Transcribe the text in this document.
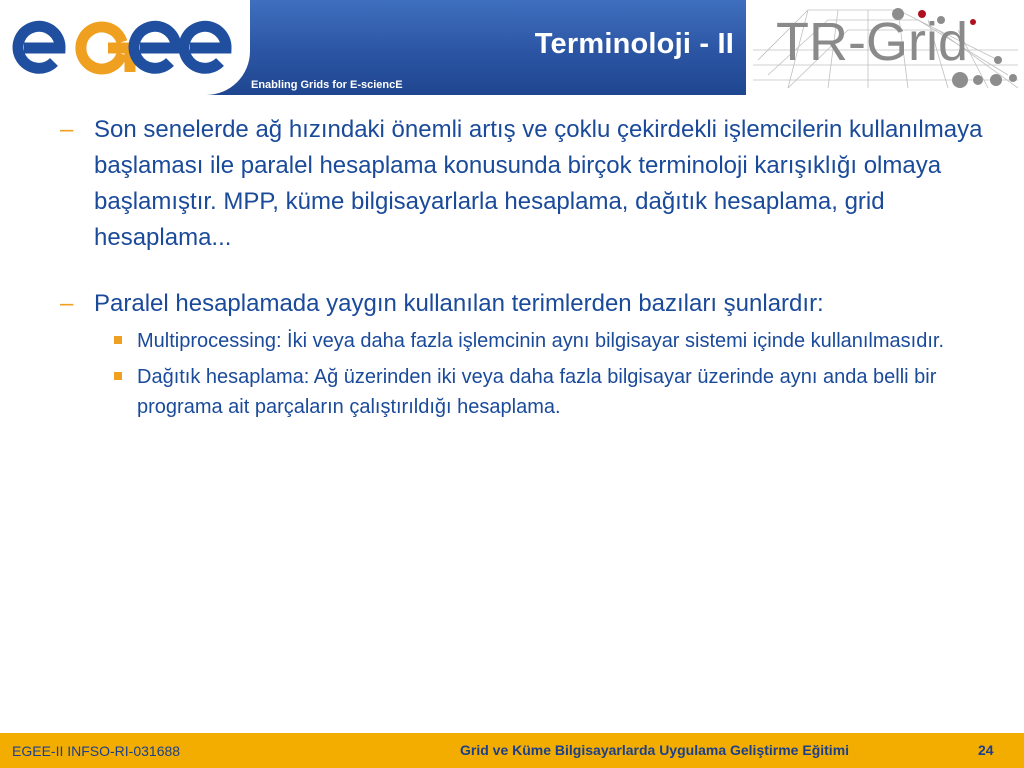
Terminoloji - II
Enabling Grids for E-sciencE
TR-Grid
– Son senelerde ağ hızındaki önemli artış ve çoklu çekirdekli işlemcilerin kullanılmaya başlaması ile paralel hesaplama konusunda birçok terminoloji karışıklığı olmaya başlamıştır. MPP, küme bilgisayarlarla hesaplama, dağıtık hesaplama, grid hesaplama...

– Paralel hesaplamada yaygın kullanılan terimlerden bazıları şunlardır:

Multiprocessing: İki veya daha fazla işlemcinin aynı bilgisayar sistemi içinde kullanılmasıdır.

Dağıtık hesaplama: Ağ üzerinden iki veya daha fazla bilgisayar üzerinde aynı anda belli bir programa ait parçaların çalıştırıldığı hesaplama.

EGEE-II INFSO-RI-031688	Grid ve Küme Bilgisayarlarda Uygulama Geliştirme Eğitimi	24
